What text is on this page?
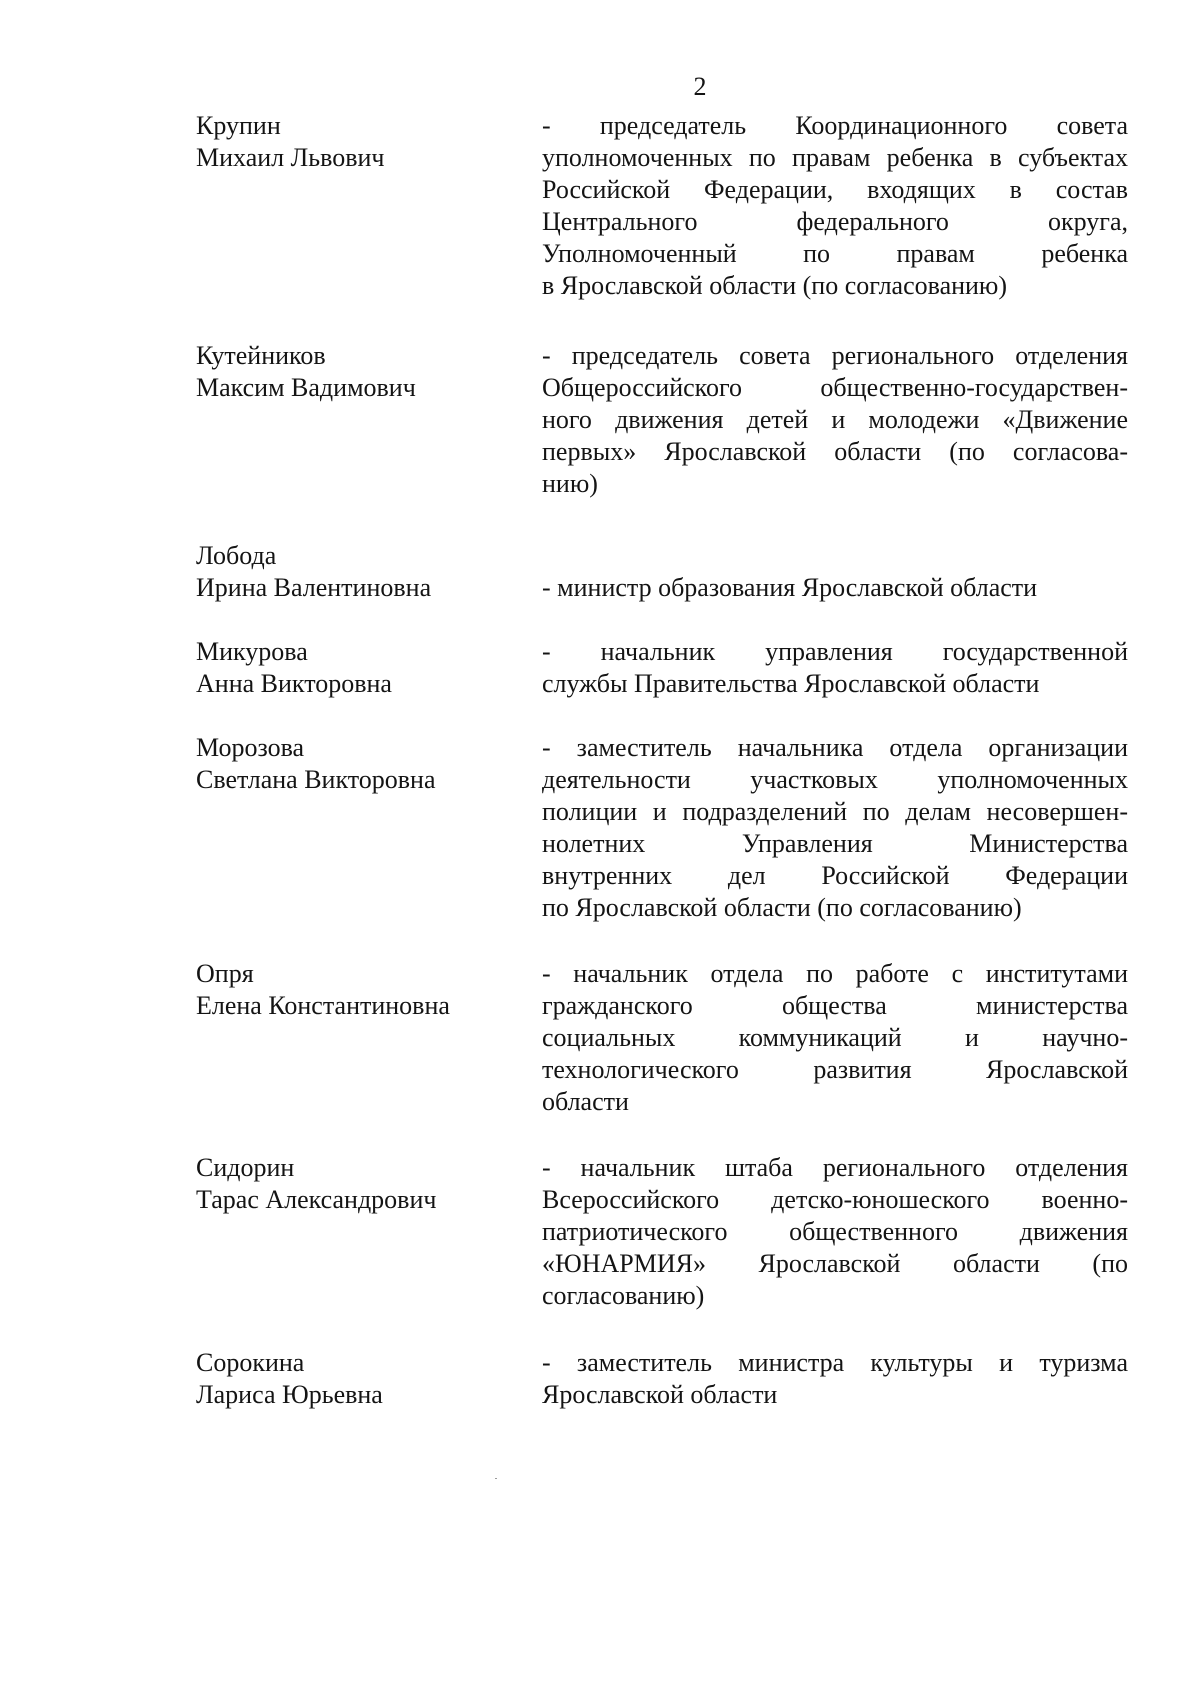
2
Крупин
Михаил Львович
- председатель Координационного совета
уполномоченных по правам ребенка в субъектах
Российской Федерации, входящих в состав
Центрального федерального округа,
Уполномоченный по правам ребенка
в Ярославской области (по согласованию)
Кутейников
Максим Вадимович
- председатель совета регионального отделения
Общероссийского общественно-государствен-
ного движения детей и молодежи «Движение
первых» Ярославской области (по согласова-
нию)
Лобода
Ирина Валентиновна	- министр образования Ярославской области
Микурова
Анна Викторовна
- начальник управления государственной
службы Правительства Ярославской области
Морозова
Светлана Викторовна
- заместитель начальника отдела организации
деятельности участковых уполномоченных
полиции и подразделений по делам несовершен-
нолетних Управления Министерства
внутренних дел Российской Федерации
по Ярославской области (по согласованию)
Опря
Елена Константиновна
- начальник отдела по работе с институтами
гражданского общества министерства
социальных коммуникаций и научно-
технологического развития Ярославской
области
Сидорин
Тарас Александрович
- начальник штаба регионального отделения
Всероссийского детско-юношеского военно-
патриотического общественного движения
«ЮНАРМИЯ» Ярославской области (по
согласованию)
Сорокина
Лариса Юрьевна
- заместитель министра культуры и туризма
Ярославской области
